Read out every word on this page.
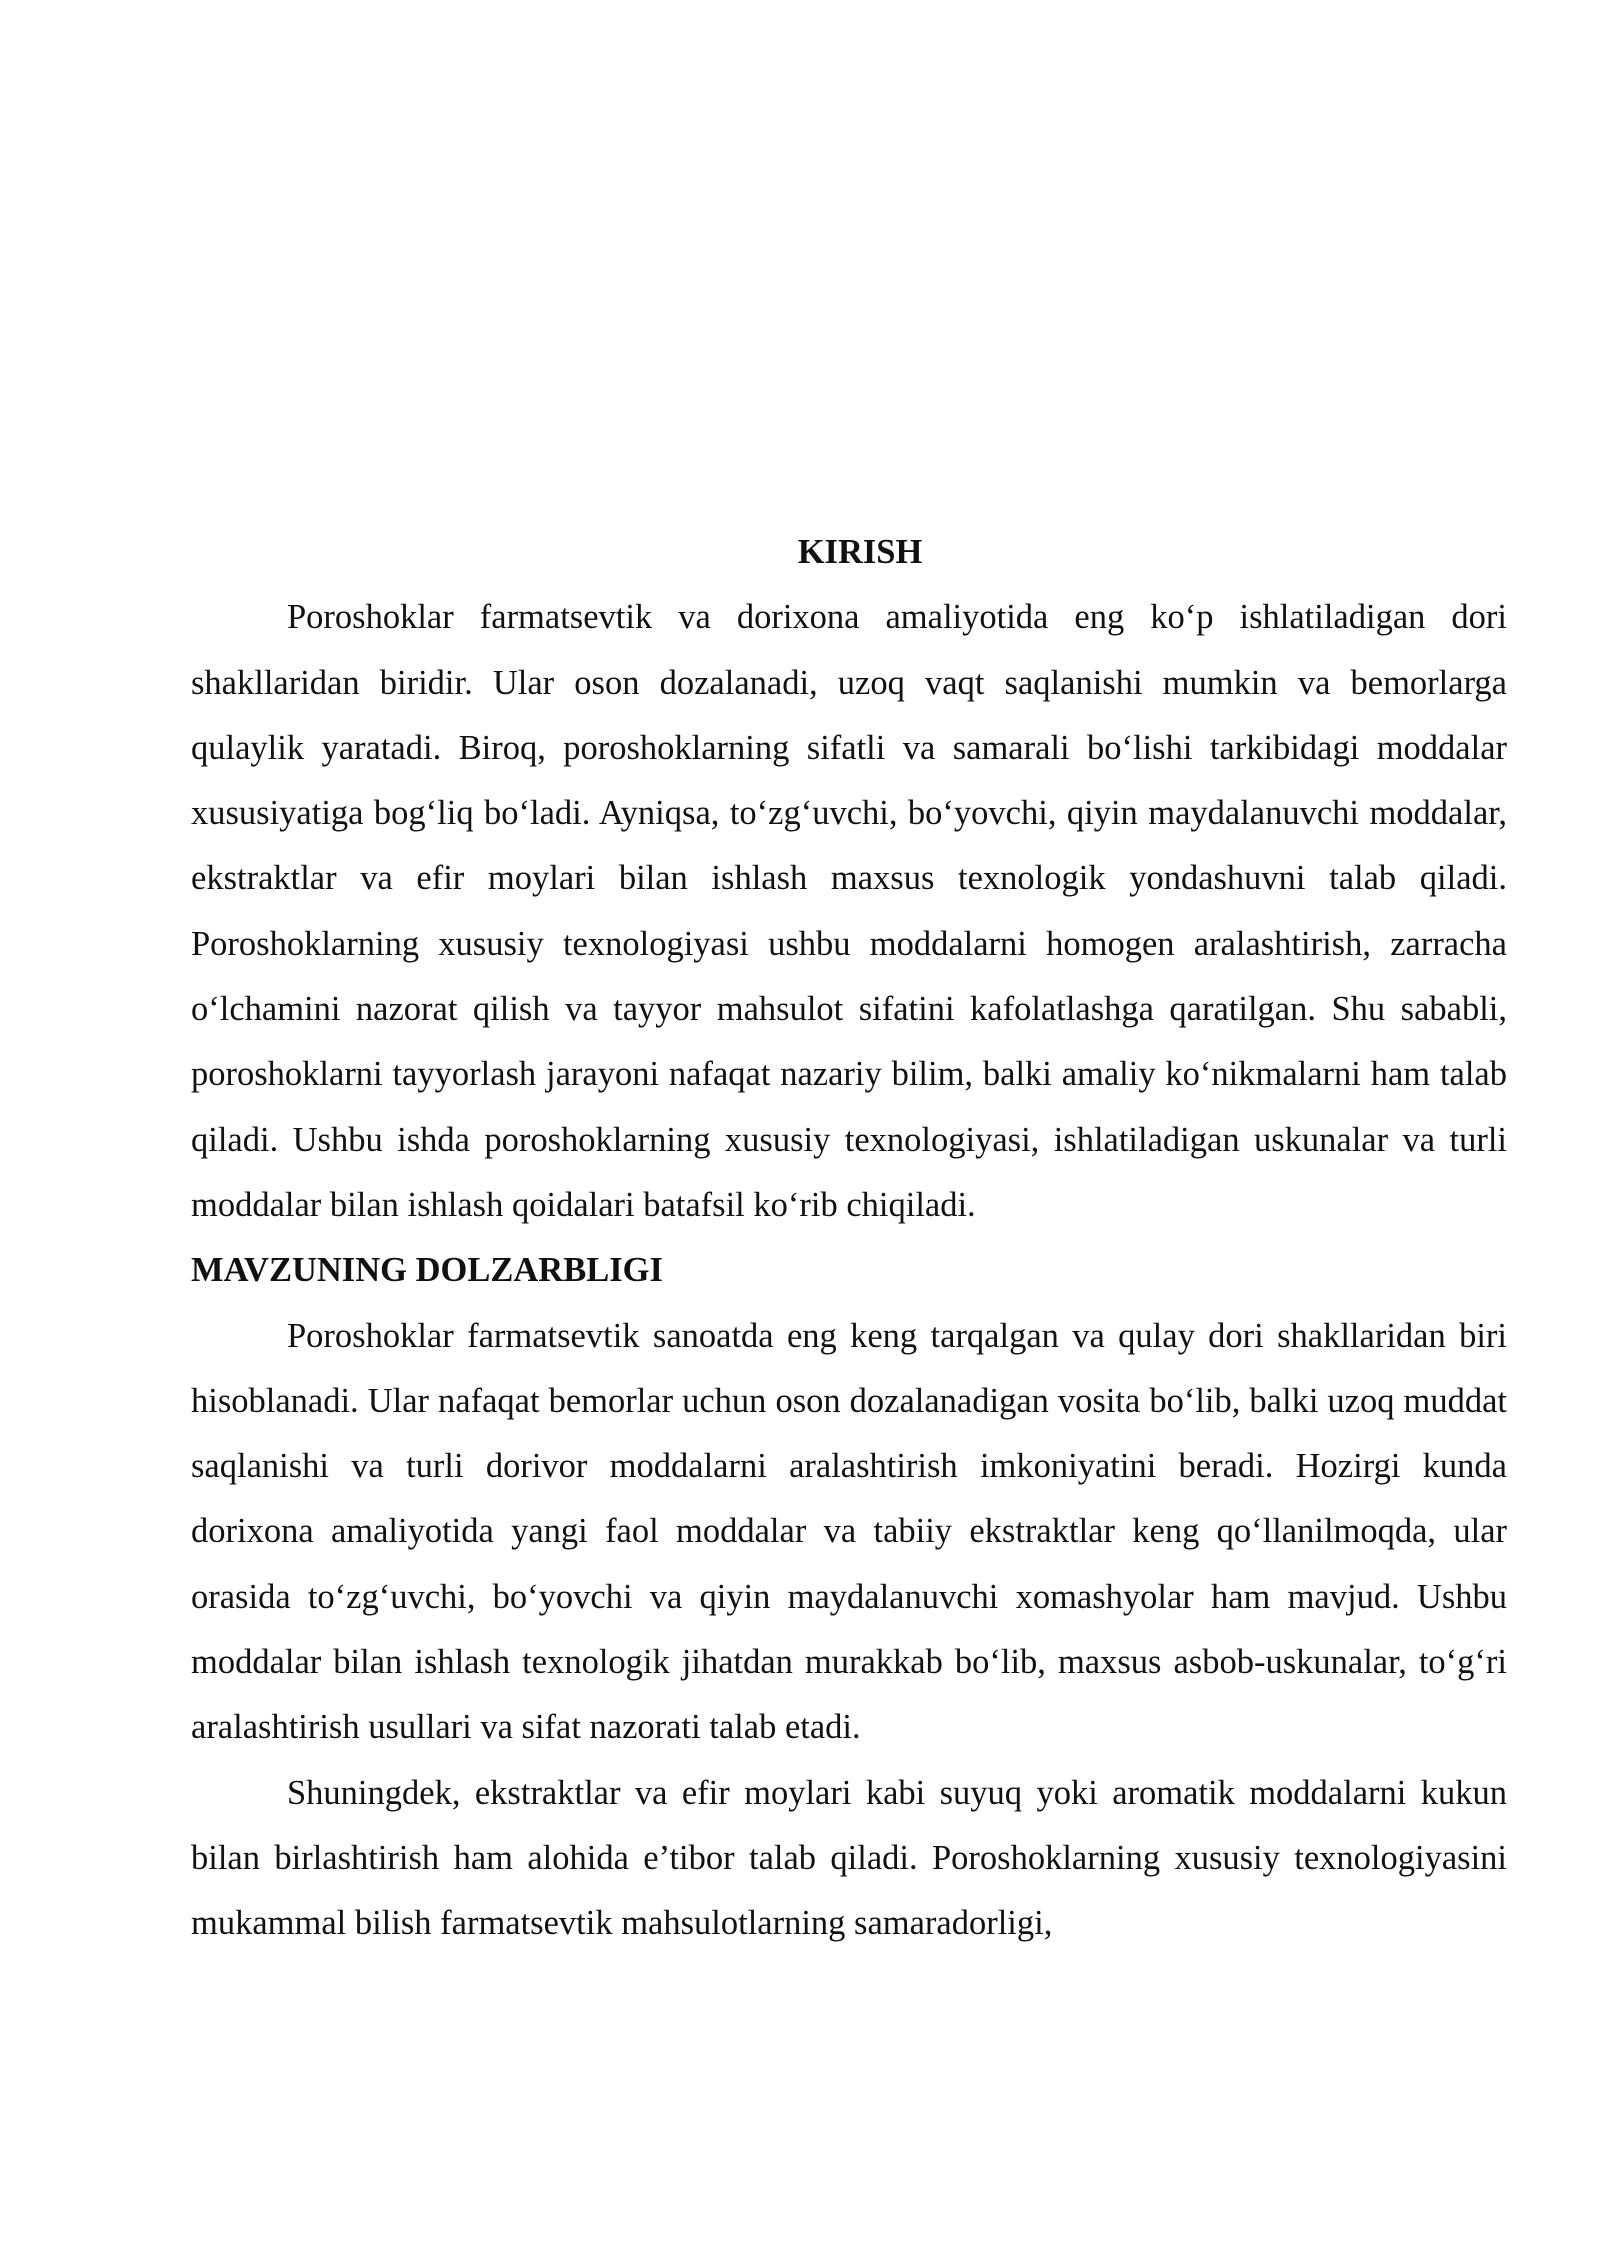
KIRISH

Poroshoklar farmatsevtik va dorixona amaliyotida eng ko‘p ishlatiladigan dori shakllaridan biridir. Ular oson dozalanadi, uzoq vaqt saqlanishi mumkin va bemorlarga qulaylik yaratadi. Biroq, poroshoklarning sifatli va samarali bo‘lishi tarkibidagi moddalar xususiyatiga bog‘liq bo‘ladi. Ayniqsa, to‘zg‘uvchi, bo‘yovchi, qiyin maydalanuvchi moddalar, ekstraktlar va efir moylari bilan ishlash maxsus texnologik yondashuvni talab qiladi. Poroshoklarning xususiy texnologiyasi ushbu moddalarni homogen aralashtirish, zarracha o‘lchamini nazorat qilish va tayyor mahsulot sifatini kafolatlashga qaratilgan. Shu sababli, poroshoklarni tayyorlash jarayoni nafaqat nazariy bilim, balki amaliy ko‘nikmalarni ham talab qiladi. Ushbu ishda poroshoklarning xususiy texnologiyasi, ishlatiladigan uskunalar va turli moddalar bilan ishlash qoidalari batafsil ko‘rib chiqiladi.

MAVZUNING DOLZARBLIGI

Poroshoklar farmatsevtik sanoatda eng keng tarqalgan va qulay dori shakllaridan biri hisoblanadi. Ular nafaqat bemorlar uchun oson dozalanadigan vosita bo‘lib, balki uzoq muddat saqlanishi va turli dorivor moddalarni aralashtirish imkoniyatini beradi. Hozirgi kunda dorixona amaliyotida yangi faol moddalar va tabiiy ekstraktlar keng qo‘llanilmoqda, ular orasida to‘zg‘uvchi, bo‘yovchi va qiyin maydalanuvchi xomashyolar ham mavjud. Ushbu moddalar bilan ishlash texnologik jihatdan murakkab bo‘lib, maxsus asbob-uskunalar, to‘g‘ri aralashtirish usullari va sifat nazorati talab etadi.

Shuningdek, ekstraktlar va efir moylari kabi suyuq yoki aromatik moddalarni kukun bilan birlashtirish ham alohida e’tibor talab qiladi. Poroshoklarning xususiy texnologiyasini mukammal bilish farmatsevtik mahsulotlarning samaradorligi,
